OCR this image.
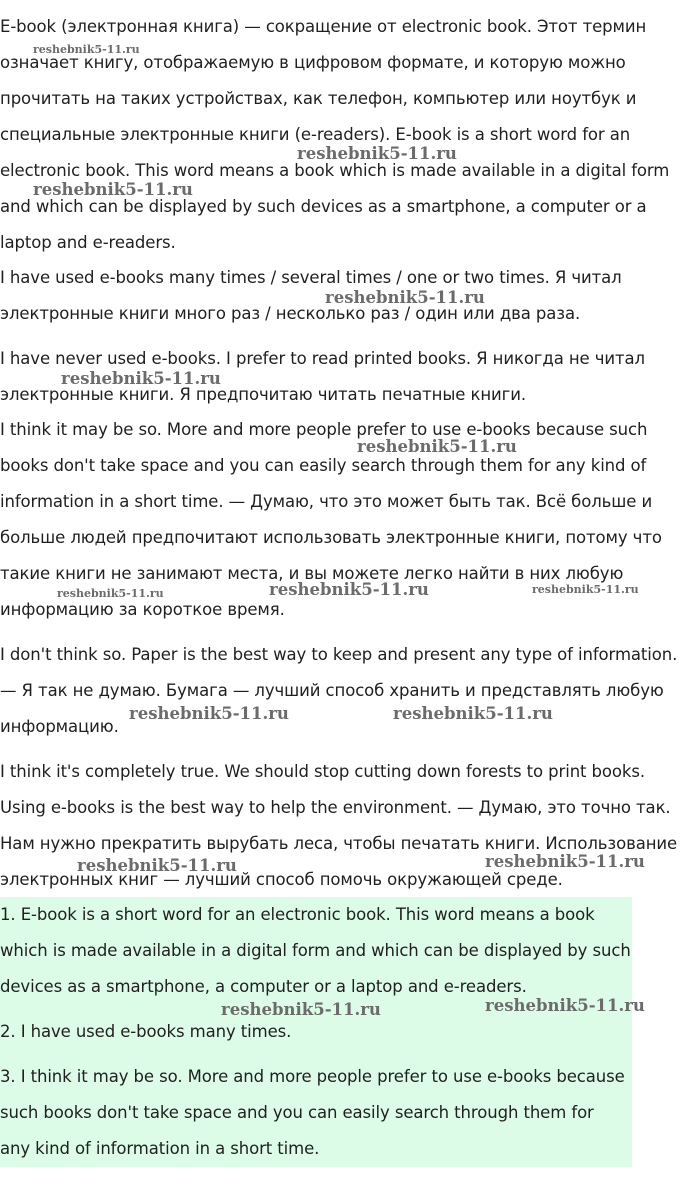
E-book (электронная книга) — сокращение от electronic book. Этот термин
означает книгу, отображаемую в цифровом формате, и которую можно
прочитать на таких устройствах, как телефон, компьютер или ноутбук и
специальные электронные книги (e-readers). E-book is a short word for an
electronic book. This word means a book which is made available in a digital form
and which can be displayed by such devices as a smartphone, a computer or a
laptop and e-readers.
I have used e-books many times / several times / one or two times. Я читал
электронные книги много раз / несколько раз / один или два раза.
I have never used e-books. I prefer to read printed books. Я никогда не читал
электронные книги. Я предпочитаю читать печатные книги.
I think it may be so. More and more people prefer to use e-books because such
books don't take space and you can easily search through them for any kind of
information in a short time. — Думаю, что это может быть так. Всё больше и
больше людей предпочитают использовать электронные книги, потому что
такие книги не занимают места, и вы можете легко найти в них любую
информацию за короткое время.
I don't think so. Paper is the best way to keep and present any type of information.
— Я так не думаю. Бумага — лучший способ хранить и представлять любую
информацию.
I think it's completely true. We should stop cutting down forests to print books.
Using e-books is the best way to help the environment. — Думаю, это точно так.
Нам нужно прекратить вырубать леса, чтобы печатать книги. Использование
электронных книг — лучший способ помочь окружающей среде.
1. E-book is a short word for an electronic book. This word means a book
which is made available in a digital form and which can be displayed by such
devices as a smartphone, a computer or a laptop and e-readers.
2. I have used e-books many times.
3. I think it may be so. More and more people prefer to use e-books because
such books don't take space and you can easily search through them for
any kind of information in a short time.
reshebnik5-11.ru
reshebnik5-11.ru
reshebnik5-11.ru
reshebnik5-11.ru
reshebnik5-11.ru
reshebnik5-11.ru
reshebnik5-11.ru	reshebnik5-11.ru	reshebnik5-11.ru
reshebnik5-11.ru	reshebnik5-11.ru
reshebnik5-11.ru	reshebnik5-11.ru
reshebnik5-11.ru	reshebnik5-11.ru
